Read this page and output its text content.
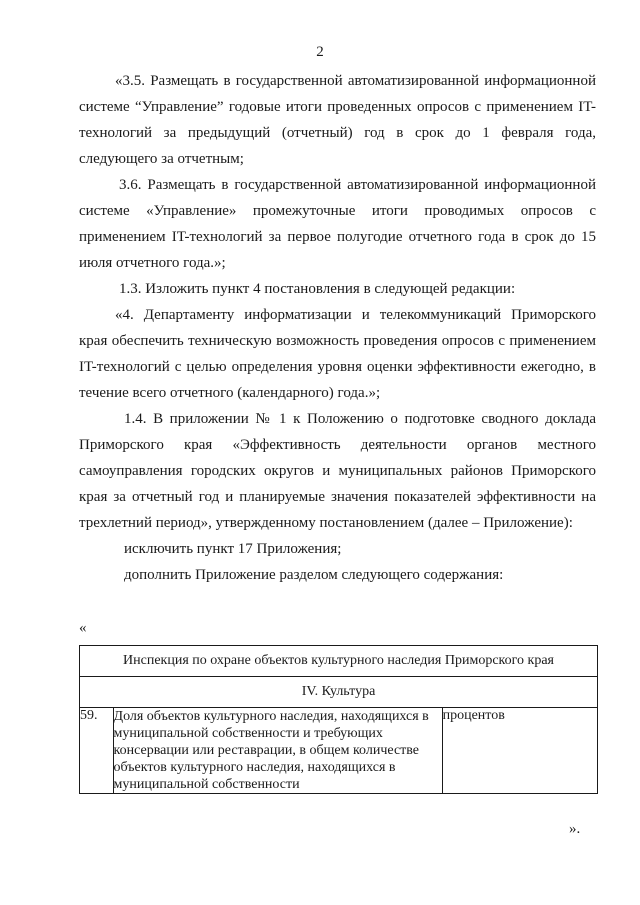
2

«3.5. Размещать в государственной автоматизированной информационной системе “Управление” годовые итоги проведенных опросов с применением IT-технологий за предыдущий (отчетный) год в срок до 1 февраля года, следующего за отчетным;

3.6. Размещать в государственной автоматизированной информационной системе «Управление» промежуточные итоги проводимых опросов с применением IT-технологий за первое полугодие отчетного года в срок до 15 июля отчетного года.»;

1.3. Изложить пункт 4 постановления в следующей редакции:

«4. Департаменту информатизации и телекоммуникаций Приморского края обеспечить техническую возможность проведения опросов с применением IT-технологий с целью определения уровня оценки эффективности ежегодно, в течение всего отчетного (календарного) года.»;

1.4. В приложении № 1 к Положению о подготовке сводного доклада Приморского края «Эффективность деятельности органов местного самоуправления городских округов и муниципальных районов Приморского края за отчетный год и планируемые значения показателей эффективности на трехлетний период», утвержденному постановлением (далее – Приложение):

исключить пункт 17 Приложения;

дополнить Приложение разделом следующего содержания:

«
Инспекция по охране объектов культурного наследия Приморского края
IV. Культура
59.	Доля объектов культурного наследия, находящихся в муниципальной собственности и требующих консервации или реставрации, в общем количестве объектов культурного наследия, находящихся в муниципальной собственности	процентов
».
